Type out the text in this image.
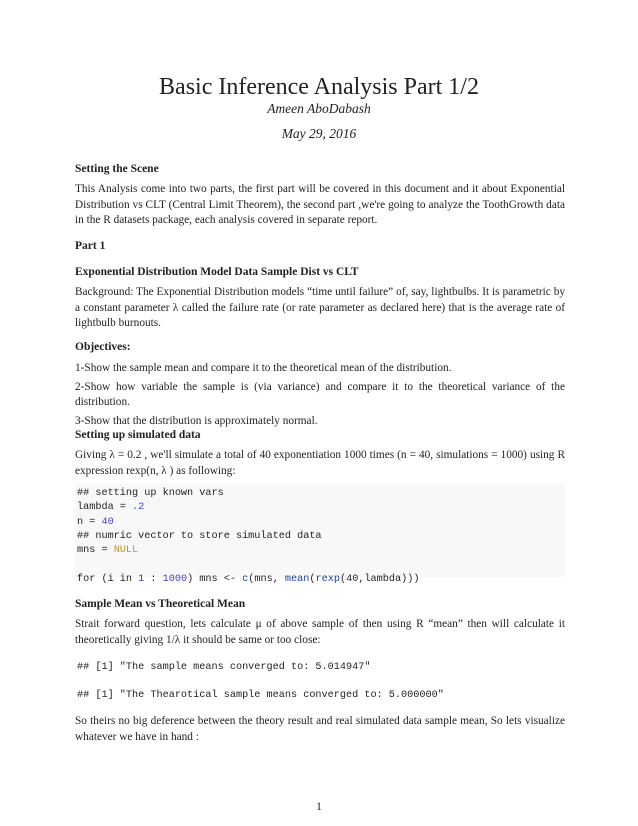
Basic Inference Analysis Part 1/2
Ameen AboDabash
May 29, 2016
Setting the Scene

This Analysis come into two parts, the first part will be covered in this document and it about Exponential Distribution vs CLT (Central Limit Theorem), the second part ,we're going to analyze the ToothGrowth data in the R datasets package, each analysis covered in separate report.

Part 1
Exponential Distribution Model Data Sample Dist vs CLT

Background: The Exponential Distribution models “time until failure” of, say, lightbulbs. It is parametric by a constant parameter λ called the failure rate (or rate parameter as declared here) that is the average rate of lightbulb burnouts.

Objectives:

1-Show the sample mean and compare it to the theoretical mean of the distribution.

2-Show how variable the sample is (via variance) and compare it to the theoretical variance of the distribution.

3-Show that the distribution is approximately normal.

Setting up simulated data

Giving λ = 0.2 , we'll simulate a total of 40 exponentiation 1000 times (n = 40, simulations = 1000) using R expression rexp(n, λ ) as following:

## setting up known vars
lambda = .2
n = 40
## numric vector to store simulated data
mns = NULL

for (i in 1 : 1000) mns <- c(mns, mean(rexp(40,lambda)))
Sample Mean vs Theoretical Mean

Strait forward question, lets calculate μ of above sample of then using R “mean” then will calculate it theoretically giving 1/λ it should be same or too close:

## [1] "The sample means converged to: 5.014947"
## [1] "The Thearotical sample means converged to: 5.000000"

So theirs no big deference between the theory result and real simulated data sample mean, So lets visualize whatever we have in hand :

1
